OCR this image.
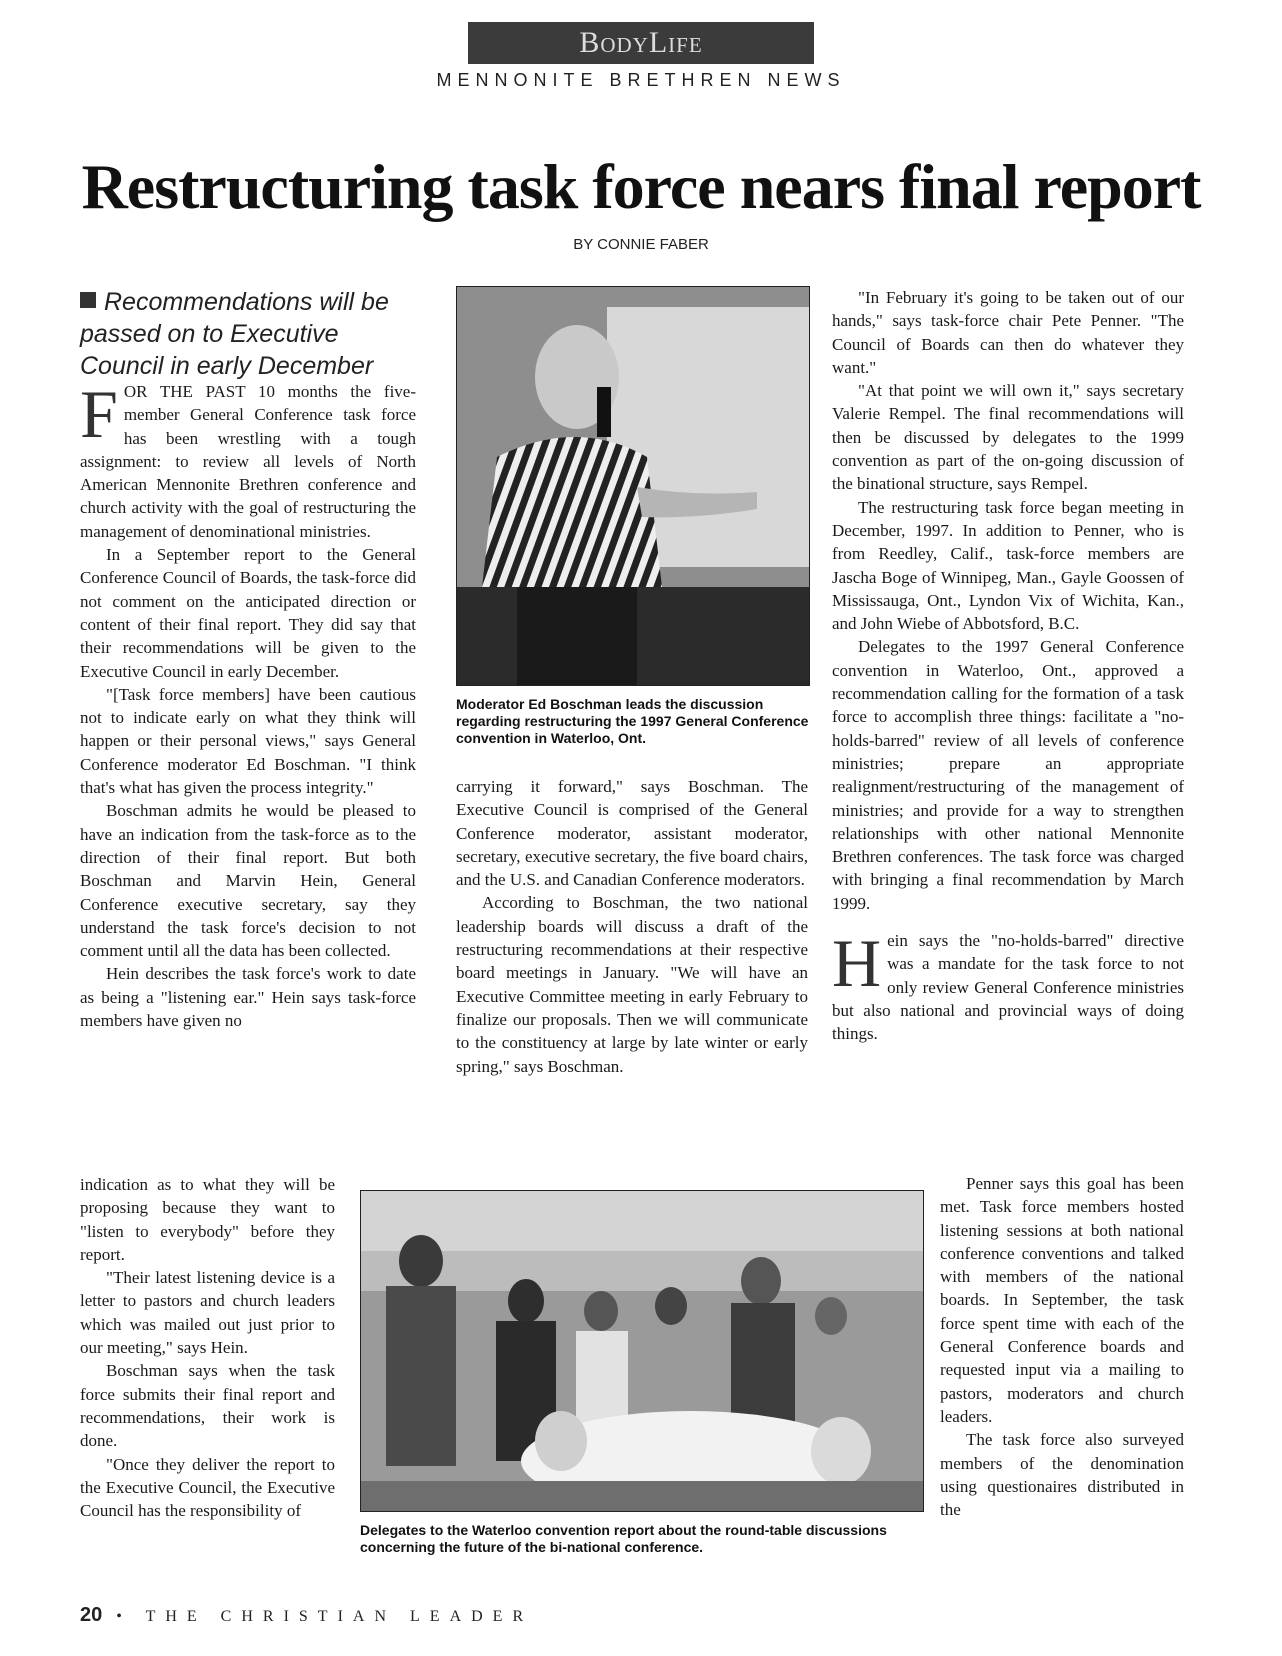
BodyLife
MENNONITE BRETHREN NEWS
Restructuring task force nears final report
BY CONNIE FABER
Recommendations will be passed on to Executive Council in early December

FOR THE PAST 10 months the five-member General Conference task force has been wrestling with a tough assignment: to review all levels of North American Mennonite Brethren conference and church activity with the goal of restructuring the management of denominational ministries.

In a September report to the General Conference Council of Boards, the task-force did not comment on the anticipated direction or content of their final report. They did say that their recommendations will be given to the Executive Council in early December.

"[Task force members] have been cautious not to indicate early on what they think will happen or their personal views," says General Conference moderator Ed Boschman. "I think that's what has given the process integrity."

Boschman admits he would be pleased to have an indication from the task-force as to the direction of their final report. But both Boschman and Marvin Hein, General Conference executive secretary, say they understand the task force's decision to not comment until all the data has been collected.

Hein describes the task force's work to date as being a "listening ear." Hein says task-force members have given no

indication as to what they will be proposing because they want to "listen to everybody" before they report.

"Their latest listening device is a letter to pastors and church leaders which was mailed out just prior to our meeting," says Hein.

Boschman says when the task force submits their final report and recommendations, their work is done.

"Once they deliver the report to the Executive Council, the Executive Council has the responsibility of

Moderator Ed Boschman leads the discussion regarding restructuring the 1997 General Conference convention in Waterloo, Ont.

carrying it forward," says Boschman. The Executive Council is comprised of the General Conference moderator, assistant moderator, secretary, executive secretary, the five board chairs, and the U.S. and Canadian Conference moderators.

According to Boschman, the two national leadership boards will discuss a draft of the restructuring recommendations at their respective board meetings in January. "We will have an Executive Committee meeting in early February to finalize our proposals. Then we will communicate to the constituency at large by late winter or early spring," says Boschman.

"In February it's going to be taken out of our hands," says task-force chair Pete Penner. "The Council of Boards can then do whatever they want."

"At that point we will own it," says secretary Valerie Rempel. The final recommendations will then be discussed by delegates to the 1999 convention as part of the on-going discussion of the binational structure, says Rempel.

The restructuring task force began meeting in December, 1997. In addition to Penner, who is from Reedley, Calif., task-force members are Jascha Boge of Winnipeg, Man., Gayle Goossen of Mississauga, Ont., Lyndon Vix of Wichita, Kan., and John Wiebe of Abbotsford, B.C.

Delegates to the 1997 General Conference convention in Waterloo, Ont., approved a recommendation calling for the formation of a task force to accomplish three things: facilitate a "no-holds-barred" review of all levels of conference ministries; prepare an appropriate realignment/restructuring of the management of ministries; and provide for a way to strengthen relationships with other national Mennonite Brethren conferences. The task force was charged with bringing a final recommendation by March 1999.

Hein says the "no-holds-barred" directive was a mandate for the task force to not only review General Conference ministries but also national and provincial ways of doing things.

Penner says this goal has been met. Task force members hosted listening sessions at both national conference conventions and talked with members of the national boards. In September, the task force spent time with each of the General Conference boards and requested input via a mailing to pastors, moderators and church leaders.

The task force also surveyed members of the denomination using questionaires distributed in the

Delegates to the Waterloo convention report about the round-table discussions concerning the future of the bi-national conference.
20 • THE CHRISTIAN LEADER
